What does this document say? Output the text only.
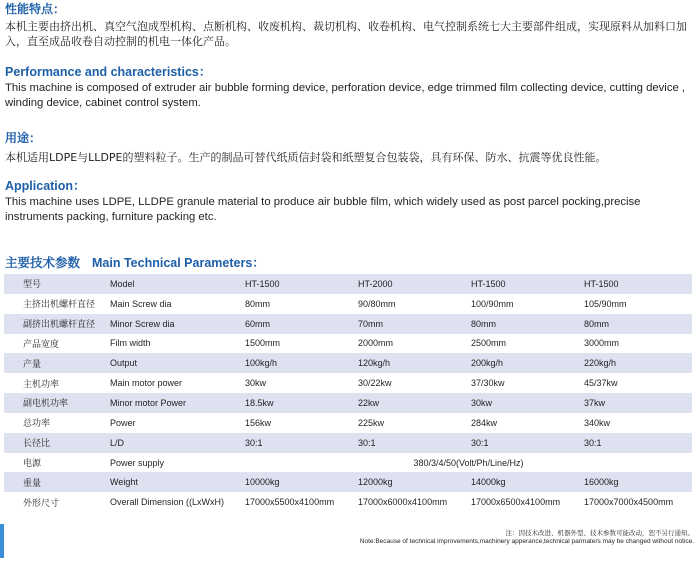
性能特点：
本机主要由挤出机、真空气泡成型机构、点断机构、收废机构、裁切机构、收卷机构、电气控制系统七大主要部件组成，实现原料从加料口加入，直至成品收卷自动控制的机电一体化产品。
Performance and characteristics：
This machine is composed of extruder air bubble forming device, perforation device, edge trimmed film collecting device, cutting device , winding device, cabinet control system.
用途：
本机适用LDPE与LLDPE的塑料粒子。生产的制品可替代纸质信封袋和纸塑复合包装袋，具有环保、防水、抗震等优良性能。
Application：
This machine uses LDPE, LLDPE granule material to produce air bubble film, which widely used as post parcel pocking,precise instruments packing, furniture packing etc.
主要技术参数 Main Technical Parameters：
型号	Model	HT-1500	HT-2000	HT-1500	HT-1500
主挤出机螺杆直径	Main Screw dia	80mm	90/80mm	100/90mm	105/90mm
副挤出机螺杆直径	Minor Screw dia	60mm	70mm	80mm	80mm
产品宽度	Film width	1500mm	2000mm	2500mm	3000mm
产量	Output	100kg/h	120kg/h	200kg/h	220kg/h
主机功率	Main motor power	30kw	30/22kw	37/30kw	45/37kw
副电机功率	Minor motor Power	18.5kw	22kw	30kw	37kw
总功率	Power	156kw	225kw	284kw	340kw
长径比	L/D	30:1	30:1	30:1	30:1
电源	Power supply	380/3/4/50(Volt/Ph/Line/Hz)			
重量	Weight	10000kg	12000kg	14000kg	16000kg
外形尺寸	Overall Dimension ((LxWxH)	17000x5500x4100mm	17000x6000x4100mm	17000x6500x4100mm	17000x7000x4500mm
注：因技术改进、机器外型、技术参数可能改动，恕不另行通知。
Note:Because of technical improvements,machinery apperance,technical parmaters may be changed without notice.
